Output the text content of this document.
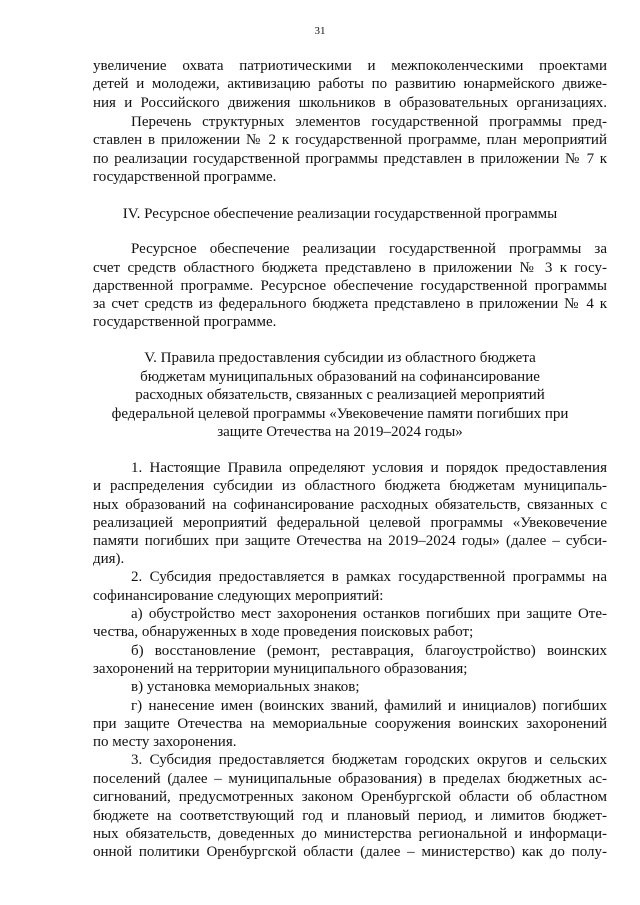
31
увеличение охвата патриотическими и межпоколенческими проектами
детей и молодежи, активизацию работы по развитию юнармейского движе-
ния и Российского движения школьников в образовательных организациях.
Перечень структурных элементов государственной программы пред-
ставлен в приложении № 2 к государственной программе, план мероприятий
по реализации государственной программы представлен в приложении № 7 к
государственной программе.
IV. Ресурсное обеспечение реализации государственной программы
Ресурсное обеспечение реализации государственной программы за
счет средств областного бюджета представлено в приложении № 3 к госу-
дарственной программе. Ресурсное обеспечение государственной программы
за счет средств из федерального бюджета представлено в приложении № 4 к
государственной программе.
V. Правила предоставления субсидии из областного бюджета
бюджетам муниципальных образований на софинансирование
расходных обязательств, связанных с реализацией мероприятий
федеральной целевой программы «Увековечение памяти погибших при
защите Отечества на 2019–2024 годы»
1. Настоящие Правила определяют условия и порядок предоставления
и распределения субсидии из областного бюджета бюджетам муниципаль-
ных образований на софинансирование расходных обязательств, связанных с
реализацией мероприятий федеральной целевой программы «Увековечение
памяти погибших при защите Отечества на 2019–2024 годы» (далее – субси-
дия).
2. Субсидия предоставляется в рамках государственной программы на
софинансирование следующих мероприятий:
а) обустройство мест захоронения останков погибших при защите Оте-
чества, обнаруженных в ходе проведения поисковых работ;
б) восстановление (ремонт, реставрация, благоустройство) воинских
захоронений на территории муниципального образования;
в) установка мемориальных знаков;
г) нанесение имен (воинских званий, фамилий и инициалов) погибших
при защите Отечества на мемориальные сооружения воинских захоронений
по месту захоронения.
3. Субсидия предоставляется бюджетам городских округов и сельских
поселений (далее – муниципальные образования) в пределах бюджетных ас-
сигнований, предусмотренных законом Оренбургской области об областном
бюджете на соответствующий год и плановый период, и лимитов бюджет-
ных обязательств, доведенных до министерства региональной и информаци-
онной политики Оренбургской области (далее – министерство) как до полу-
